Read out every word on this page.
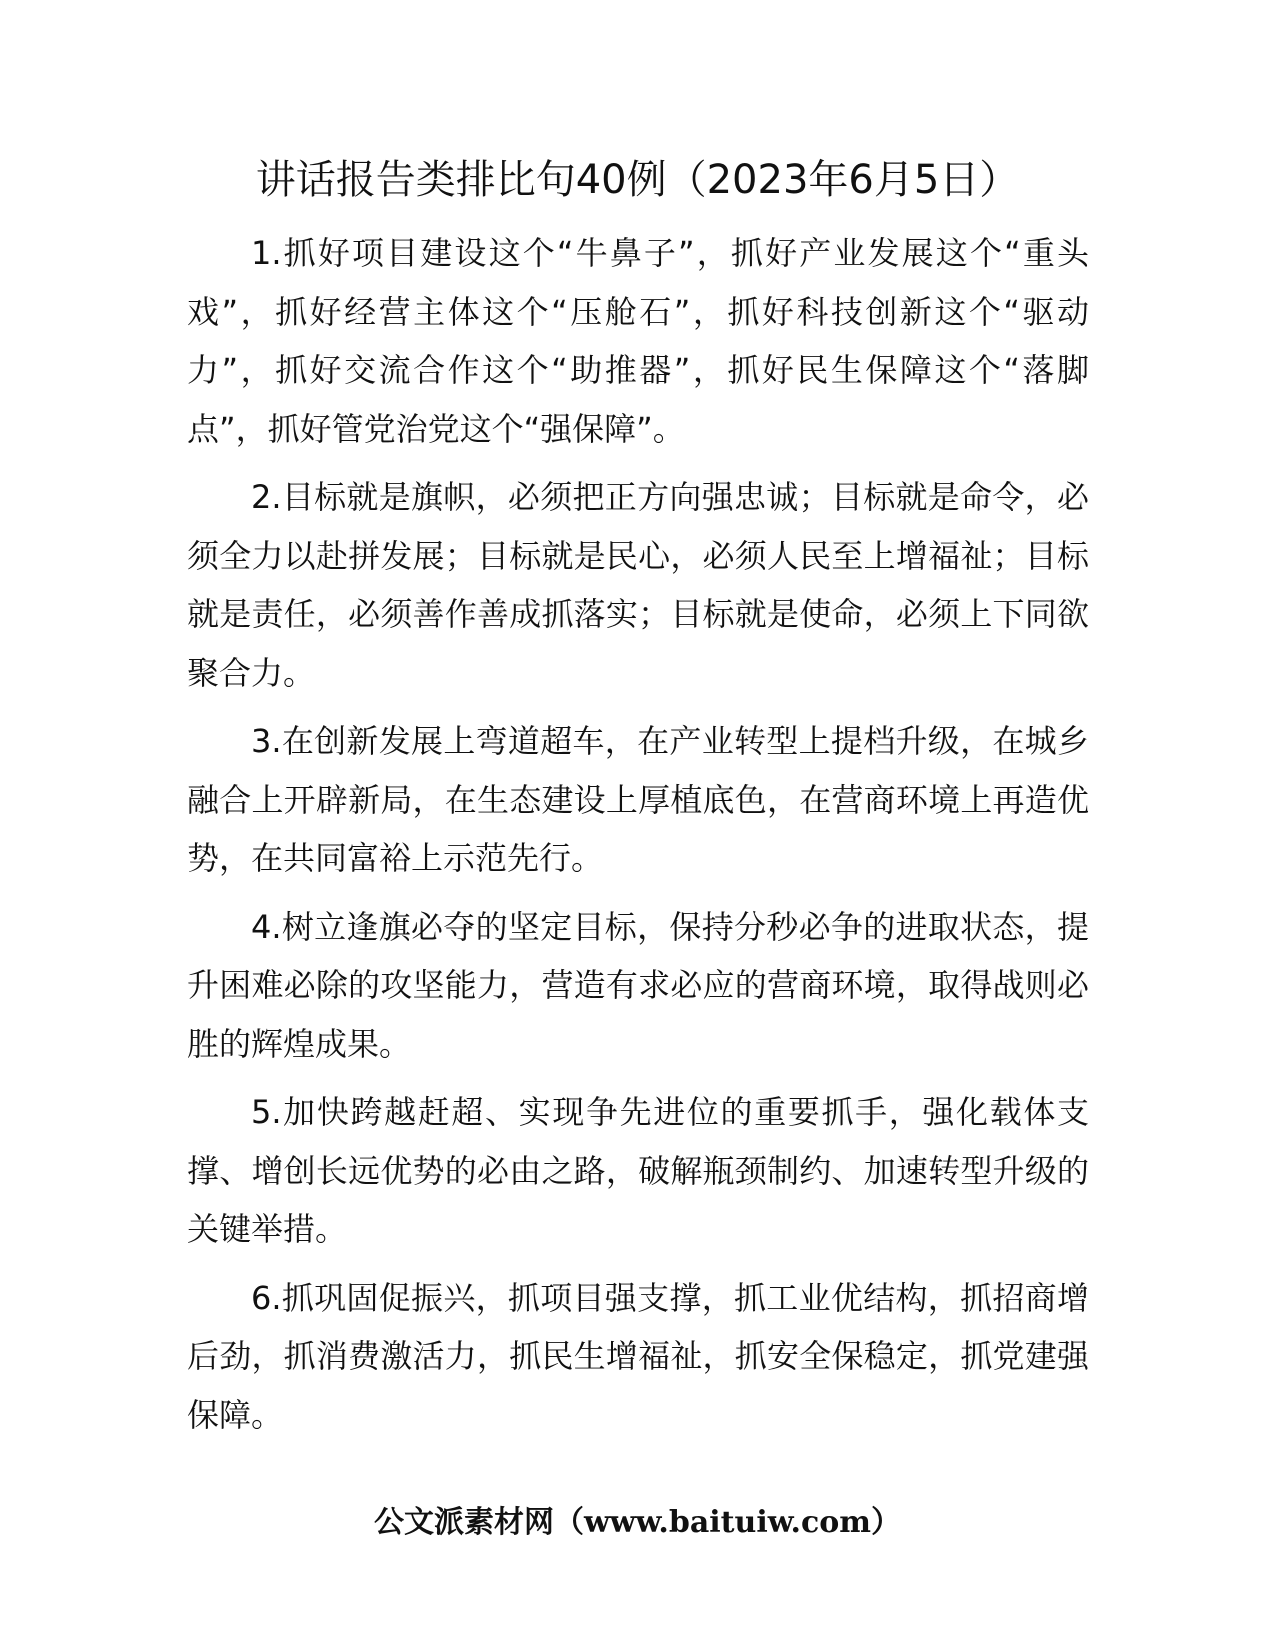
讲话报告类排比句40例（2023年6月5日）

1.抓好项目建设这个“牛鼻子”，抓好产业发展这个“重头戏”，抓好经营主体这个“压舱石”，抓好科技创新这个“驱动力”，抓好交流合作这个“助推器”，抓好民生保障这个“落脚点”，抓好管党治党这个“强保障”。

2.目标就是旗帜，必须把正方向强忠诚；目标就是命令，必须全力以赴拼发展；目标就是民心，必须人民至上增福祉；目标就是责任，必须善作善成抓落实；目标就是使命，必须上下同欲聚合力。

3.在创新发展上弯道超车，在产业转型上提档升级，在城乡融合上开辟新局，在生态建设上厚植底色，在营商环境上再造优势，在共同富裕上示范先行。

4.树立逢旗必夺的坚定目标，保持分秒必争的进取状态，提升困难必除的攻坚能力，营造有求必应的营商环境，取得战则必胜的辉煌成果。

5.加快跨越赶超、实现争先进位的重要抓手，强化载体支撑、增创长远优势的必由之路，破解瓶颈制约、加速转型升级的关键举措。

6.抓巩固促振兴，抓项目强支撑，抓工业优结构，抓招商增后劲，抓消费激活力，抓民生增福祉，抓安全保稳定，抓党建强保障。

公文派素材网（www.baituiw.com）
